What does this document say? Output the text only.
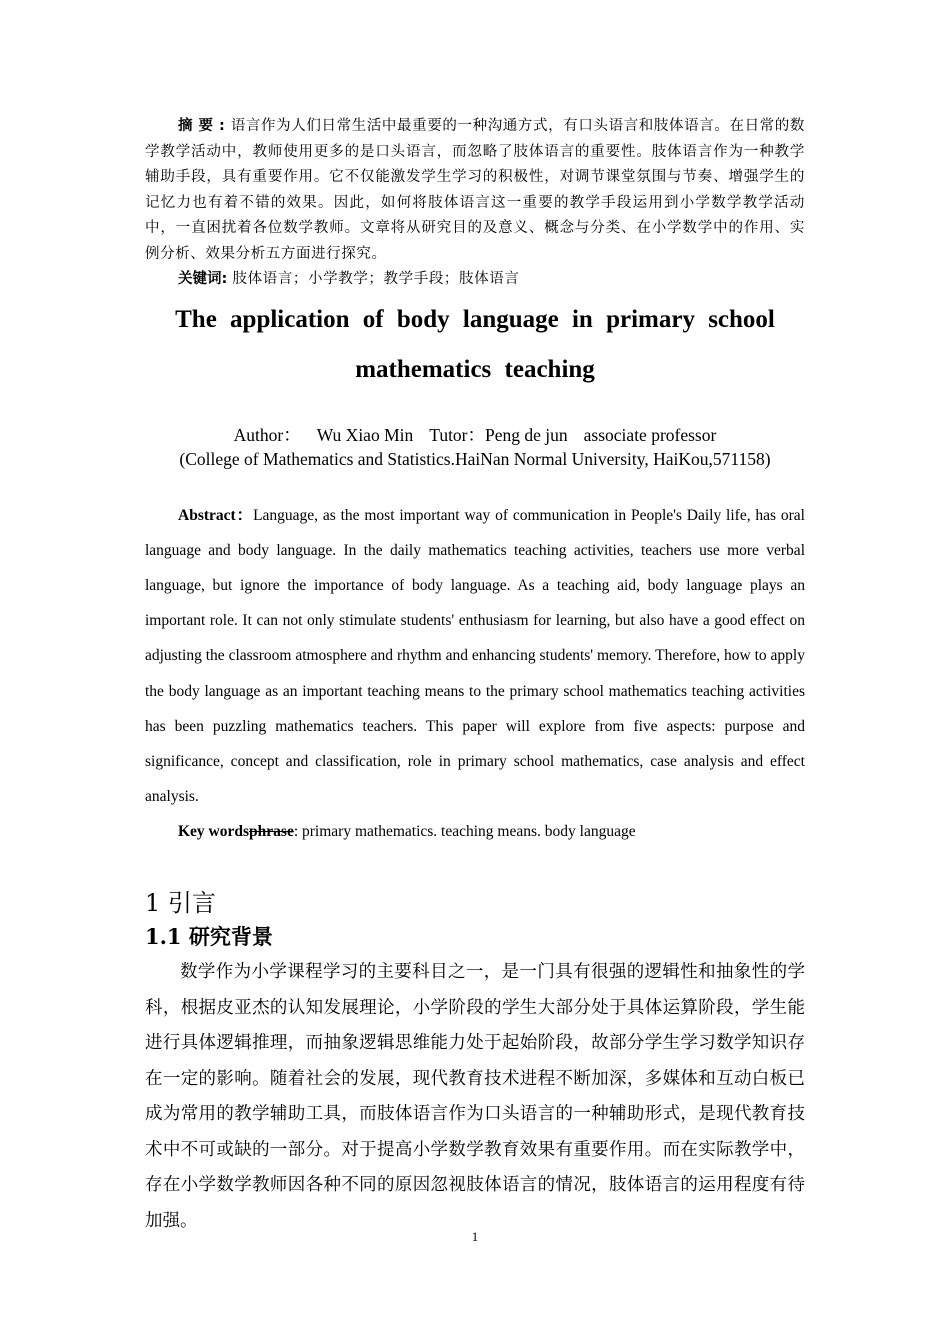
摘要:语言作为人们日常生活中最重要的一种沟通方式，有口头语言和肢体语言。在日常的数学教学活动中，教师使用更多的是口头语言，而忽略了肢体语言的重要性。肢体语言作为一种教学辅助手段，具有重要作用。它不仅能激发学生学习的积极性，对调节课堂氛围与节奏、增强学生的记忆力也有着不错的效果。因此，如何将肢体语言这一重要的教学手段运用到小学数学教学活动中，一直困扰着各位数学教师。文章将从研究目的及意义、概念与分类、在小学数学中的作用、实例分析、效果分析五方面进行探究。

关键词: 肢体语言；小学教学；教学手段；肢体语言

The application of body language in primary school
mathematics teaching

Author： Wu Xiao Min Tutor：Peng de jun associate professor

(College of Mathematics and Statistics.HaiNan Normal University, HaiKou,571158)

Abstract：Language, as the most important way of communication in People's Daily life, has oral language and body language. In the daily mathematics teaching activities, teachers use more verbal language, but ignore the importance of body language. As a teaching aid, body language plays an important role. It can not only stimulate students' enthusiasm for learning, but also have a good effect on adjusting the classroom atmosphere and rhythm and enhancing students' memory. Therefore, how to apply the body language as an important teaching means to the primary school mathematics teaching activities has been puzzling mathematics teachers. This paper will explore from five aspects: purpose and significance, concept and classification, role in primary school mathematics, case analysis and effect analysis.

Key wordsphrase: primary mathematics. teaching means. body language

1 引言
1.1 研究背景

数学作为小学课程学习的主要科目之一，是一门具有很强的逻辑性和抽象性的学科，根据皮亚杰的认知发展理论，小学阶段的学生大部分处于具体运算阶段，学生能进行具体逻辑推理，而抽象逻辑思维能力处于起始阶段，故部分学生学习数学知识存在一定的影响。随着社会的发展，现代教育技术进程不断加深，多媒体和互动白板已成为常用的教学辅助工具，而肢体语言作为口头语言的一种辅助形式，是现代教育技术中不可或缺的一部分。对于提高小学数学教育效果有重要作用。而在实际教学中，存在小学数学教师因各种不同的原因忽视肢体语言的情况，肢体语言的运用程度有待加强。

1
